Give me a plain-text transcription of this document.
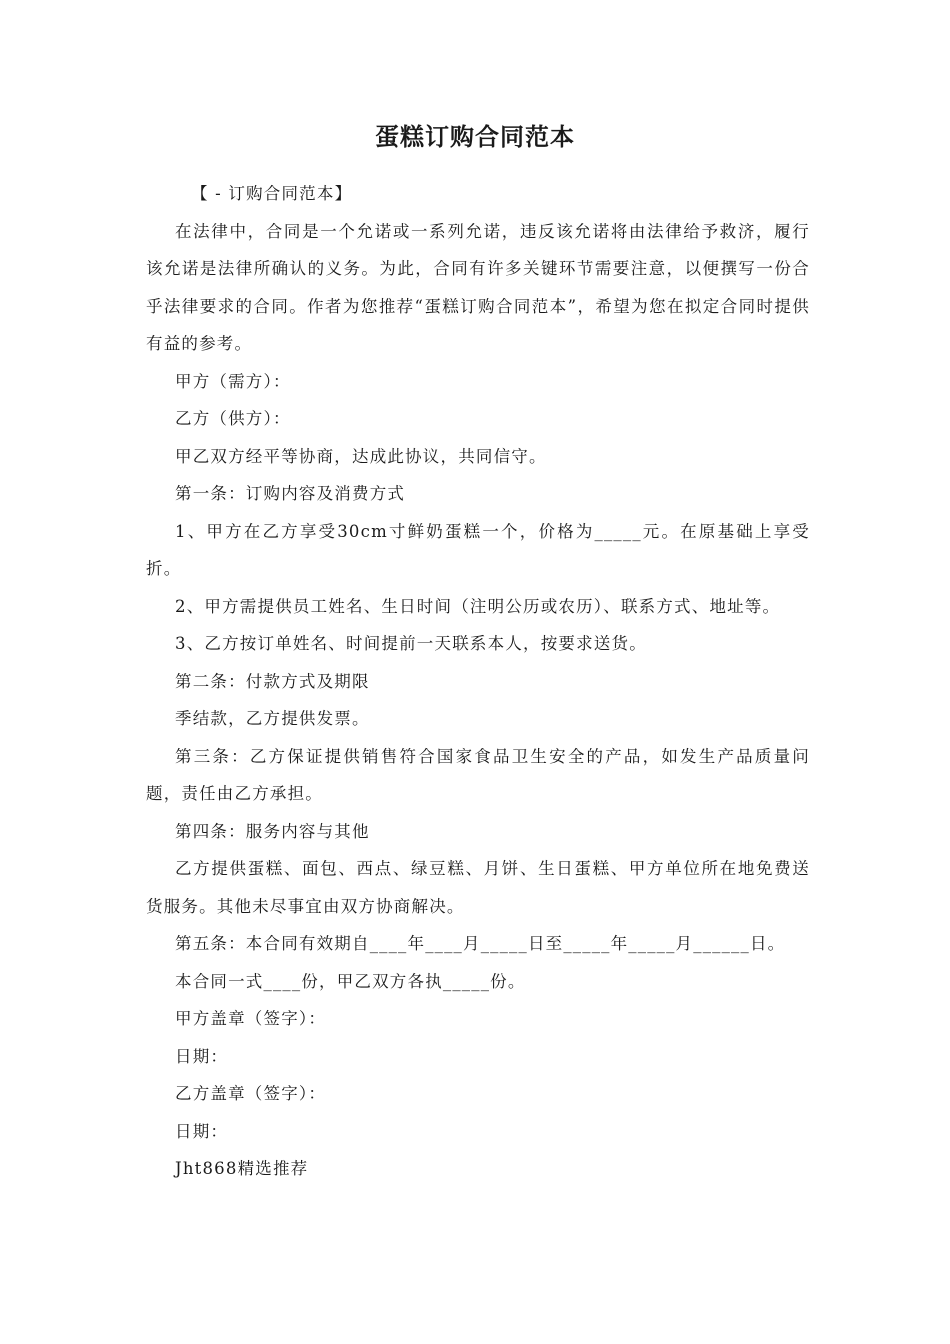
蛋糕订购合同范本

【 - 订购合同范本】

在法律中，合同是一个允诺或一系列允诺，违反该允诺将由法律给予救济，履行该允诺是法律所确认的义务。为此，合同有许多关键环节需要注意，以便撰写一份合乎法律要求的合同。作者为您推荐“蛋糕订购合同范本”，希望为您在拟定合同时提供有益的参考。

甲方（需方）：

乙方（供方）：

甲乙双方经平等协商，达成此协议，共同信守。

第一条：订购内容及消费方式

1、甲方在乙方享受30cm寸鲜奶蛋糕一个，价格为_____元。在原基础上享受折。

2、甲方需提供员工姓名、生日时间（注明公历或农历）、联系方式、地址等。

3、乙方按订单姓名、时间提前一天联系本人，按要求送货。

第二条：付款方式及期限

季结款，乙方提供发票。

第三条：乙方保证提供销售符合国家食品卫生安全的产品，如发生产品质量问题，责任由乙方承担。

第四条：服务内容与其他

乙方提供蛋糕、面包、西点、绿豆糕、月饼、生日蛋糕、甲方单位所在地免费送货服务。其他未尽事宜由双方协商解决。

第五条：本合同有效期自____年____月_____日至_____年_____月______日。

本合同一式____份，甲乙双方各执_____份。

甲方盖章（签字）：

日期：

乙方盖章（签字）：

日期：

Jht868精选推荐
